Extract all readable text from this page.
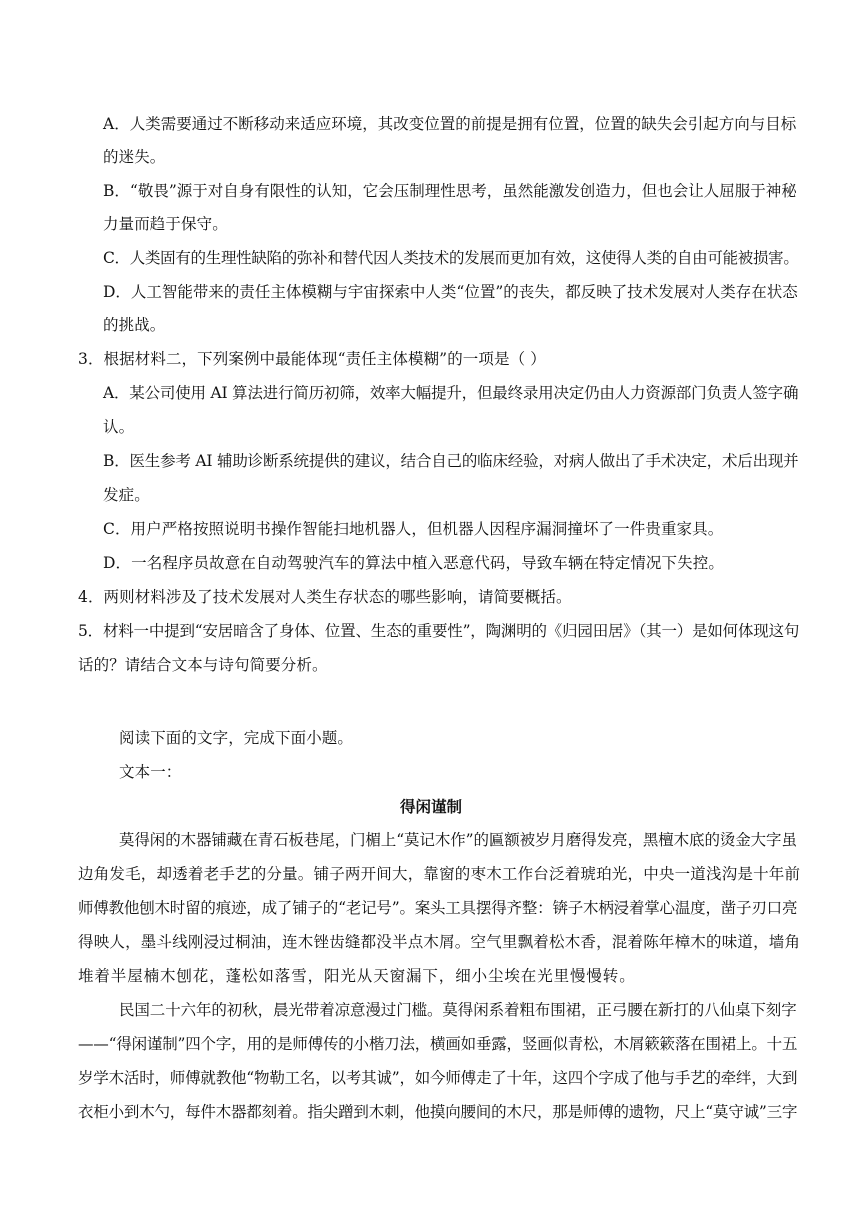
A．人类需要通过不断移动来适应环境，其改变位置的前提是拥有位置，位置的缺失会引起方向与目标
的迷失。
B．“敬畏”源于对自身有限性的认知，它会压制理性思考，虽然能激发创造力，但也会让人屈服于神秘
力量而趋于保守。
C．人类固有的生理性缺陷的弥补和替代因人类技术的发展而更加有效，这使得人类的自由可能被损害。
D．人工智能带来的责任主体模糊与宇宙探索中人类“位置”的丧失，都反映了技术发展对人类存在状态
的挑战。
3．根据材料二，下列案例中最能体现“责任主体模糊”的一项是（ ）
A．某公司使用 AI 算法进行简历初筛，效率大幅提升，但最终录用决定仍由人力资源部门负责人签字确
认。
B．医生参考 AI 辅助诊断系统提供的建议，结合自己的临床经验，对病人做出了手术决定，术后出现并
发症。
C．用户严格按照说明书操作智能扫地机器人，但机器人因程序漏洞撞坏了一件贵重家具。
D．一名程序员故意在自动驾驶汽车的算法中植入恶意代码，导致车辆在特定情况下失控。
4．两则材料涉及了技术发展对人类生存状态的哪些影响，请简要概括。
5．材料一中提到“安居暗含了身体、位置、生态的重要性”，陶渊明的《归园田居》（其一）是如何体现这句
话的？请结合文本与诗句简要分析。
阅读下面的文字，完成下面小题。
文本一：
得闲谨制
莫得闲的木器铺藏在青石板巷尾，门楣上“莫记木作”的匾额被岁月磨得发亮，黑檀木底的烫金大字虽
边角发毛，却透着老手艺的分量。铺子两开间大，靠窗的枣木工作台泛着琥珀光，中央一道浅沟是十年前
师傅教他刨木时留的痕迹，成了铺子的“老记号”。案头工具摆得齐整：锛子木柄浸着掌心温度，凿子刃口亮
得映人，墨斗线刚浸过桐油，连木锉齿缝都没半点木屑。空气里飘着松木香，混着陈年樟木的味道，墙角
堆着半屋楠木刨花，蓬松如落雪，阳光从天窗漏下，细小尘埃在光里慢慢转。
民国二十六年的初秋，晨光带着凉意漫过门槛。莫得闲系着粗布围裙，正弓腰在新打的八仙桌下刻字
——“得闲谨制”四个字，用的是师傅传的小楷刀法，横画如垂露，竖画似青松，木屑簌簌落在围裙上。十五
岁学木活时，师傅就教他“物勒工名，以考其诚”，如今师傅走了十年，这四个字成了他与手艺的牵绊，大到
衣柜小到木勺，每件木器都刻着。指尖蹭到木刺，他摸向腰间的木尺，那是师傅的遗物，尺上“莫守诚”三字
